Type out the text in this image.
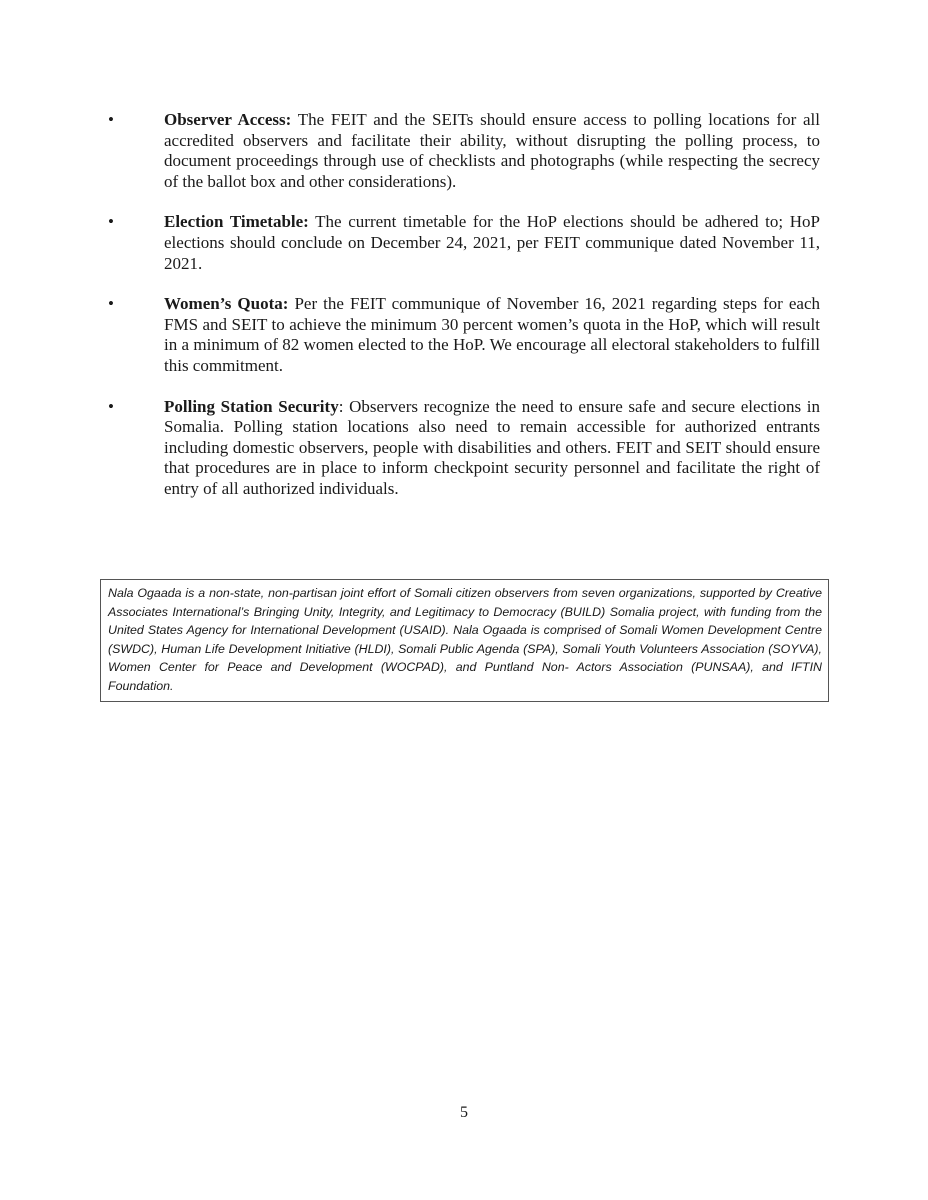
•	Observer Access: The FEIT and the SEITs should ensure access to polling locations for all accredited observers and facilitate their ability, without disrupting the polling process, to document proceedings through use of checklists and photographs (while respecting the secrecy of the ballot box and other considerations).
•	Election Timetable: The current timetable for the HoP elections should be adhered to; HoP elections should conclude on December 24, 2021, per FEIT communique dated November 11, 2021.
•	Women’s Quota: Per the FEIT communique of November 16, 2021 regarding steps for each FMS and SEIT to achieve the minimum 30 percent women’s quota in the HoP, which will result in a minimum of 82 women elected to the HoP. We encourage all electoral stakeholders to fulfill this commitment.
•	Polling Station Security: Observers recognize the need to ensure safe and secure elections in Somalia. Polling station locations also need to remain accessible for authorized entrants including domestic observers, people with disabilities and others. FEIT and SEIT should ensure that procedures are in place to inform checkpoint security personnel and facilitate the right of entry of all authorized individuals.
Nala Ogaada is a non-state, non-partisan joint effort of Somali citizen observers from seven organizations, supported by Creative Associates International’s Bringing Unity, Integrity, and Legitimacy to Democracy (BUILD) Somalia project, with funding from the United States Agency for International Development (USAID). Nala Ogaada is comprised of Somali Women Development Centre (SWDC), Human Life Development Initiative (HLDI), Somali Public Agenda (SPA), Somali Youth Volunteers Association (SOYVA), Women Center for Peace and Development (WOCPAD), and Puntland Non- Actors Association (PUNSAA), and IFTIN Foundation.
5
